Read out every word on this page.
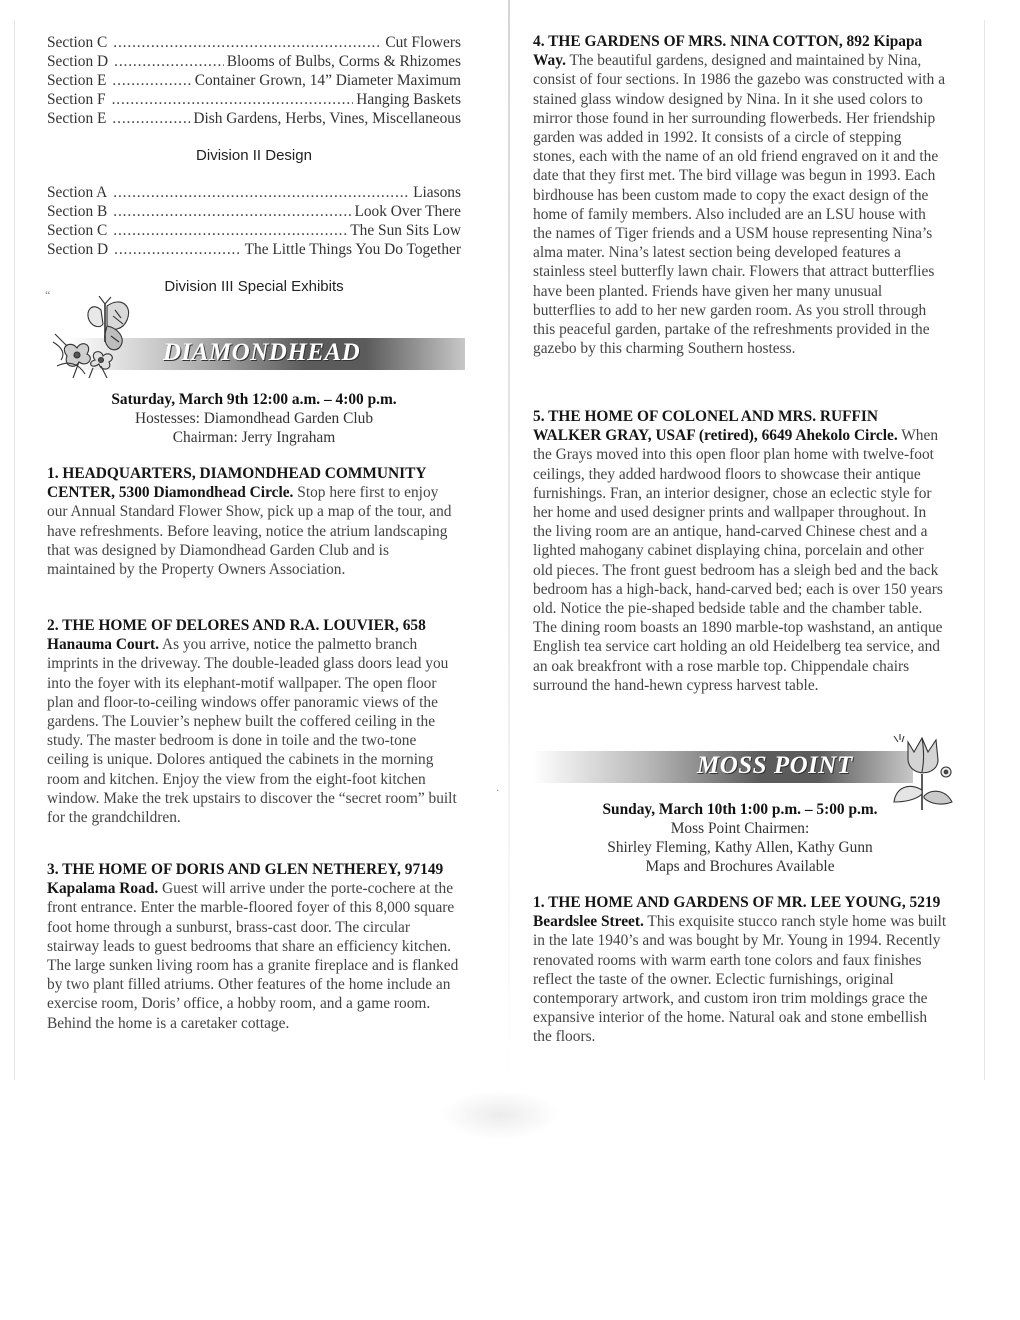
Section C . . .	Cut Flowers
Section D . . .	Blooms of Bulbs, Corms & Rhizomes
Section E . . .	Container Grown, 14” Diameter Maximum
Section F . . .	Hanging Baskets
Section E . . .	Dish Gardens, Herbs, Vines, Miscellaneous
Division II Design
Section A . . .	Liasons
Section B . . .	Look Over There
Section C . . .	The Sun Sits Low
Section D . . .	The Little Things You Do Together
Division III Special Exhibits
“
DIAMONDHEAD
Saturday, March 9th 12:00 a.m. – 4:00 p.m.
Hostesses: Diamondhead Garden Club
Chairman: Jerry Ingraham
1. HEADQUARTERS, DIAMONDHEAD COMMUNITY CENTER, 5300 Diamondhead Circle. Stop here first to enjoy our Annual Standard Flower Show, pick up a map of the tour, and have refreshments. Before leaving, notice the atrium landscaping that was designed by Diamondhead Garden Club and is maintained by the Property Owners Association.
2. THE HOME OF DELORES AND R.A. LOUVIER, 658 Hanauma Court. As you arrive, notice the palmetto branch imprints in the driveway. The double-leaded glass doors lead you into the foyer with its elephant-motif wallpaper. The open floor plan and floor-to-ceiling windows offer panoramic views of the gardens. The Louvier’s nephew built the coffered ceiling in the study. The master bedroom is done in toile and the two-tone ceiling is unique. Dolores antiqued the cabinets in the morning room and kitchen. Enjoy the view from the eight-foot kitchen window. Make the trek upstairs to discover the “secret room” built for the grandchildren.
3. THE HOME OF DORIS AND GLEN NETHEREY, 97149 Kapalama Road. Guest will arrive under the porte-cochere at the front entrance. Enter the marble-floored foyer of this 8,000 square foot home through a sunburst, brass-cast door. The circular stairway leads to guest bedrooms that share an efficiency kitchen. The large sunken living room has a granite fireplace and is flanked by two plant filled atriums. Other features of the home include an exercise room, Doris’ office, a hobby room, and a game room. Behind the home is a caretaker cottage.
4. THE GARDENS OF MRS. NINA COTTON, 892 Kipapa Way. The beautiful gardens, designed and maintained by Nina, consist of four sections. In 1986 the gazebo was constructed with a stained glass window designed by Nina. In it she used colors to mirror those found in her surrounding flowerbeds. Her friendship garden was added in 1992. It consists of a circle of stepping stones, each with the name of an old friend engraved on it and the date that they first met. The bird village was begun in 1993. Each birdhouse has been custom made to copy the exact design of the home of family members. Also included are an LSU house with the names of Tiger friends and a USM house representing Nina’s alma mater. Nina’s latest section being developed features a stainless steel butterfly lawn chair. Flowers that attract butterflies have been planted. Friends have given her many unusual butterflies to add to her new garden room. As you stroll through this peaceful garden, partake of the refreshments provided in the gazebo by this charming Southern hostess.
5. THE HOME OF COLONEL AND MRS. RUFFIN WALKER GRAY, USAF (retired), 6649 Ahekolo Circle. When the Grays moved into this open floor plan home with twelve-foot ceilings, they added hardwood floors to showcase their antique furnishings. Fran, an interior designer, chose an eclectic style for her home and used designer prints and wallpaper throughout. In the living room are an antique, hand-carved Chinese chest and a lighted mahogany cabinet displaying china, porcelain and other old pieces. The front guest bedroom has a sleigh bed and the back bedroom has a high-back, hand-carved bed; each is over 150 years old. Notice the pie-shaped bedside table and the chamber table. The dining room boasts an 1890 marble-top washstand, an antique English tea service cart holding an old Heidelberg tea service, and an oak breakfront with a rose marble top. Chippendale chairs surround the hand-hewn cypress harvest table.
MOSS POINT
Sunday, March 10th 1:00 p.m. – 5:00 p.m.
Moss Point Chairmen:
Shirley Fleming, Kathy Allen, Kathy Gunn
Maps and Brochures Available
1. THE HOME AND GARDENS OF MR. LEE YOUNG, 5219 Beardslee Street. This exquisite stucco ranch style home was built in the late 1940’s and was bought by Mr. Young in 1994. Recently renovated rooms with warm earth tone colors and faux finishes reflect the taste of the owner. Eclectic furnishings, original contemporary artwork, and custom iron trim moldings grace the expansive interior of the home. Natural oak and stone embellish the floors.
·
